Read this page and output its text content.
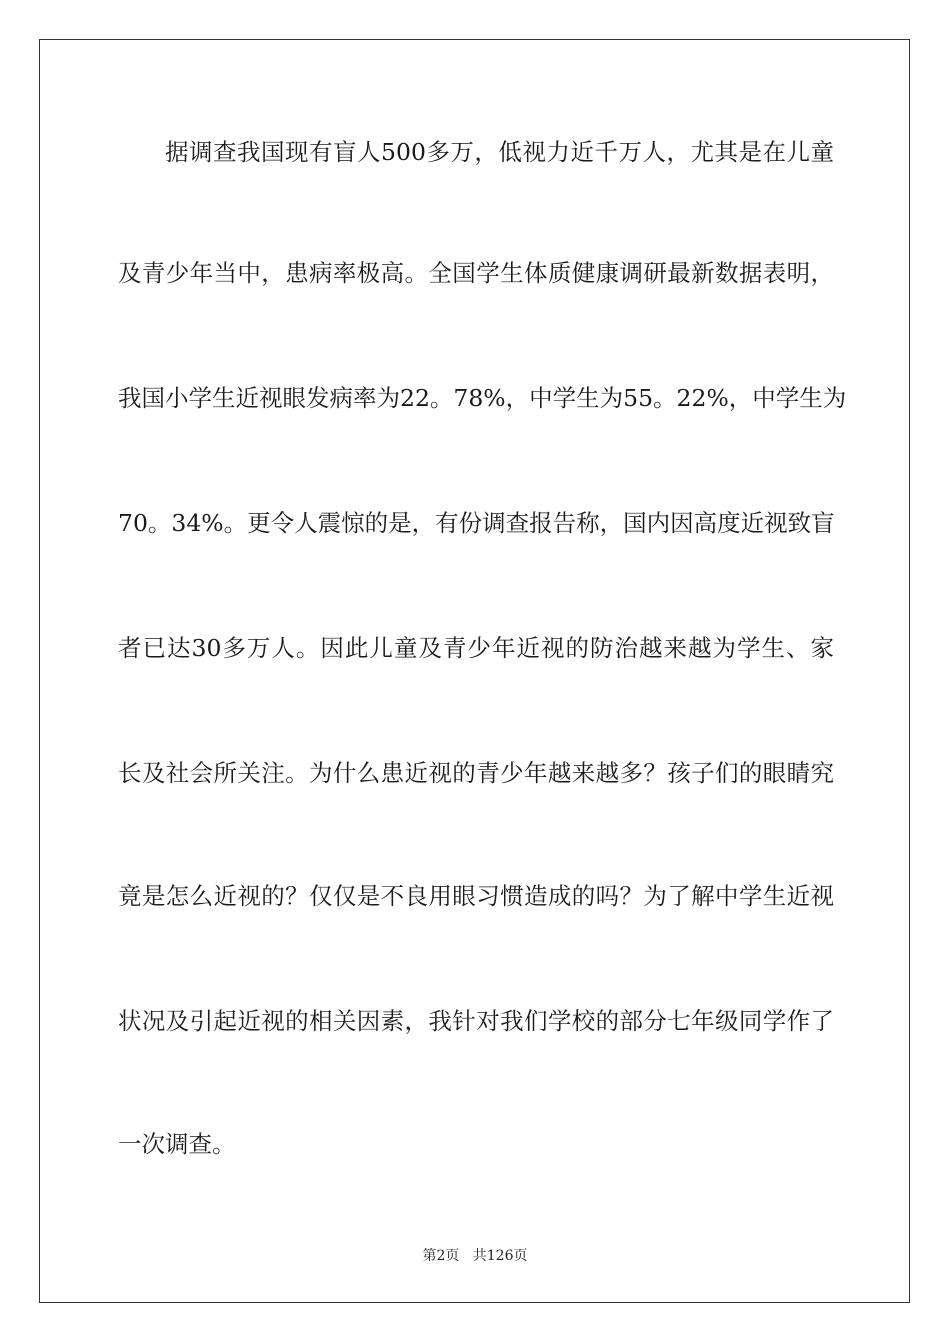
据调查我国现有盲人500多万，低视力近千万人，尤其是在儿童
及青少年当中，患病率极高。全国学生体质健康调研最新数据表明，
我国小学生近视眼发病率为22。78%，中学生为55。22%，中学生为
70。34%。更令人震惊的是，有份调查报告称，国内因高度近视致盲
者已达30多万人。因此儿童及青少年近视的防治越来越为学生、家
长及社会所关注。为什么患近视的青少年越来越多？孩子们的眼睛究
竟是怎么近视的？仅仅是不良用眼习惯造成的吗？为了解中学生近视
状况及引起近视的相关因素，我针对我们学校的部分七年级同学作了
一次调查。
第2页 共126页
